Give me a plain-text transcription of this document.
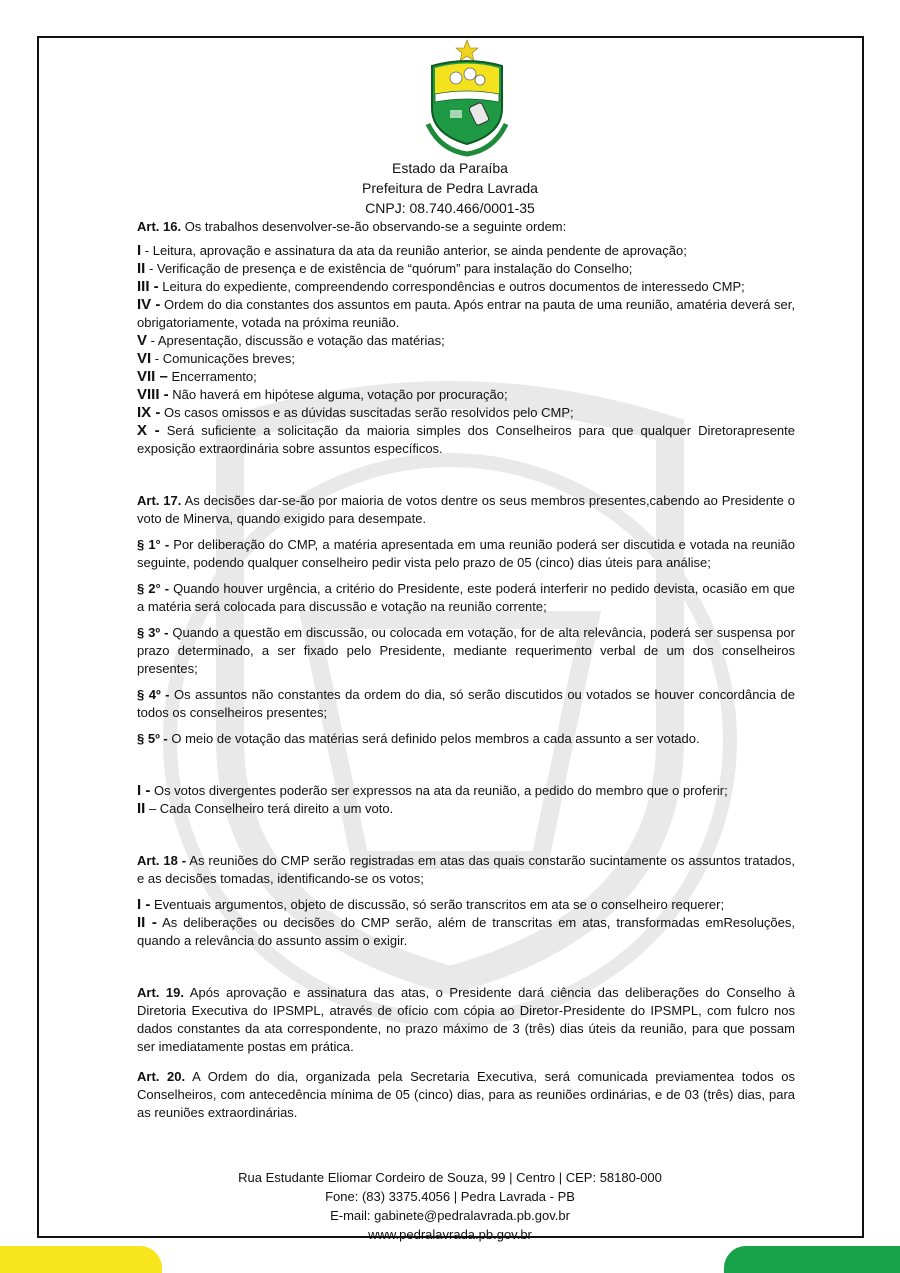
Estado da Paraíba
Prefeitura de Pedra Lavrada
CNPJ: 08.740.466/0001-35

Art. 16. Os trabalhos desenvolver-se-ão observando-se a seguinte ordem:

I - Leitura, aprovação e assinatura da ata da reunião anterior, se ainda pendente de aprovação;

II - Verificação de presença e de existência de “quórum” para instalação do Conselho;

III - Leitura do expediente, compreendendo correspondências e outros documentos de interessedo CMP;

IV - Ordem do dia constantes dos assuntos em pauta. Após entrar na pauta de uma reunião, amatéria deverá ser, obrigatoriamente, votada na próxima reunião.

V - Apresentação, discussão e votação das matérias;

VI - Comunicações breves;

VII – Encerramento;

VIII - Não haverá em hipótese alguma, votação por procuração;

IX - Os casos omissos e as dúvidas suscitadas serão resolvidos pelo CMP;

X - Será suficiente a solicitação da maioria simples dos Conselheiros para que qualquer Diretorapresente exposição extraordinária sobre assuntos específicos.

Art. 17. As decisões dar-se-ão por maioria de votos dentre os seus membros presentes,cabendo ao Presidente o voto de Minerva, quando exigido para desempate.

§ 1° - Por deliberação do CMP, a matéria apresentada em uma reunião poderá ser discutida e votada na reunião seguinte, podendo qualquer conselheiro pedir vista pelo prazo de 05 (cinco) dias úteis para análise;

§ 2° - Quando houver urgência, a critério do Presidente, este poderá interferir no pedido devista, ocasião em que a matéria será colocada para discussão e votação na reunião corrente;

§ 3º - Quando a questão em discussão, ou colocada em votação, for de alta relevância, poderá ser suspensa por prazo determinado, a ser fixado pelo Presidente, mediante requerimento verbal de um dos conselheiros presentes;

§ 4º - Os assuntos não constantes da ordem do dia, só serão discutidos ou votados se houver concordância de todos os conselheiros presentes;

§ 5º - O meio de votação das matérias será definido pelos membros a cada assunto a ser votado.

I - Os votos divergentes poderão ser expressos na ata da reunião, a pedido do membro que o proferir;

II – Cada Conselheiro terá direito a um voto.

Art. 18 - As reuniões do CMP serão registradas em atas das quais constarão sucintamente os assuntos tratados, e as decisões tomadas, identificando-se os votos;

I - Eventuais argumentos, objeto de discussão, só serão transcritos em ata se o conselheiro requerer;

II - As deliberações ou decisões do CMP serão, além de transcritas em atas, transformadas emResoluções, quando a relevância do assunto assim o exigir.

Art. 19. Após aprovação e assinatura das atas, o Presidente dará ciência das deliberações do Conselho à Diretoria Executiva do IPSMPL, através de ofício com cópia ao Diretor-Presidente do IPSMPL, com fulcro nos dados constantes da ata correspondente, no prazo máximo de 3 (três) dias úteis da reunião, para que possam ser imediatamente postas em prática.

Art. 20. A Ordem do dia, organizada pela Secretaria Executiva, será comunicada previamentea todos os Conselheiros, com antecedência mínima de 05 (cinco) dias, para as reuniões ordinárias, e de 03 (três) dias, para as reuniões extraordinárias.

Rua Estudante Eliomar Cordeiro de Souza, 99 | Centro | CEP: 58180-000
Fone: (83) 3375.4056 | Pedra Lavrada - PB
E-mail: gabinete@pedralavrada.pb.gov.br
www.pedralavrada.pb.gov.br
